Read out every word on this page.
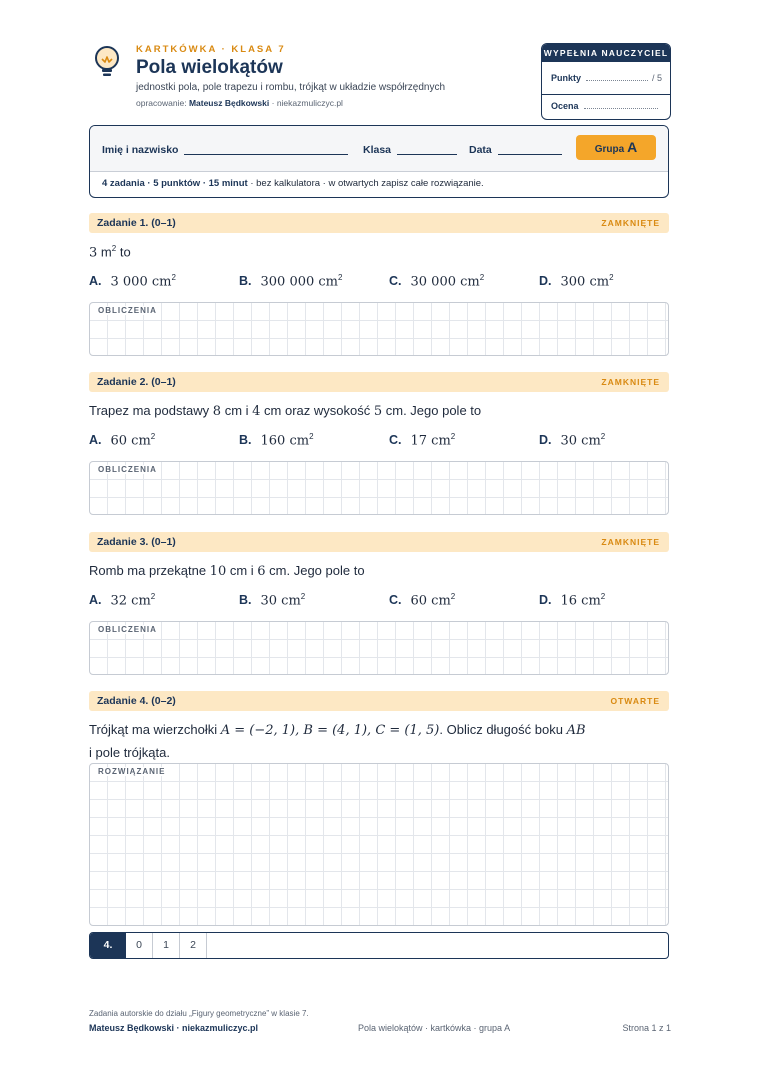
KARTKÓWKA · KLASA 7
Pola wielokątów
jednostki pola, pole trapezu i rombu, trójkąt w układzie współrzędnych
opracowanie: Mateusz Będkowski · niekazmuliczyc.pl
WYPEŁNIA NAUCZYCIEL
Punkty	/ 5
Ocena
Imię i nazwisko	Klasa	Data	Grupa A
4 zadania · 5 punktów · 15 minut · bez kalkulatora · w otwartych zapisz całe rozwiązanie.
Zadanie 1. (0–1)	ZAMKNIĘTE
3 $m^2$ to
A. 3 000 $cm^2$	B. 300 000 $cm^2$	C. 30 000 $cm^2$	D. 300 $cm^2$
OBLICZENIA
Zadanie 2. (0–1)	ZAMKNIĘTE
Trapez ma podstawy 8 cm i 4 cm oraz wysokość 5 cm. Jego pole to
A. 60 $cm^2$	B. 160 $cm^2$	C. 17 $cm^2$	D. 30 $cm^2$
OBLICZENIA
Zadanie 3. (0–1)	ZAMKNIĘTE
Romb ma przekątne 10 cm i 6 cm. Jego pole to
A. 32 $cm^2$	B. 30 $cm^2$	C. 60 $cm^2$	D. 16 $cm^2$
OBLICZENIA
Zadanie 4. (0–2)	OTWARTE
Trójkąt ma wierzchołki A = (−2, 1), B = (4, 1), C = (1, 5). Oblicz długość boku AB
i pole trójkąta.
ROZWIĄZANIE
4.	0	1	2
Zadania autorskie do działu „Figury geometryczne” w klasie 7.
Mateusz Będkowski · niekazmuliczyc.pl	Pola wielokątów · kartkówka · grupa A	Strona 1 z 1
